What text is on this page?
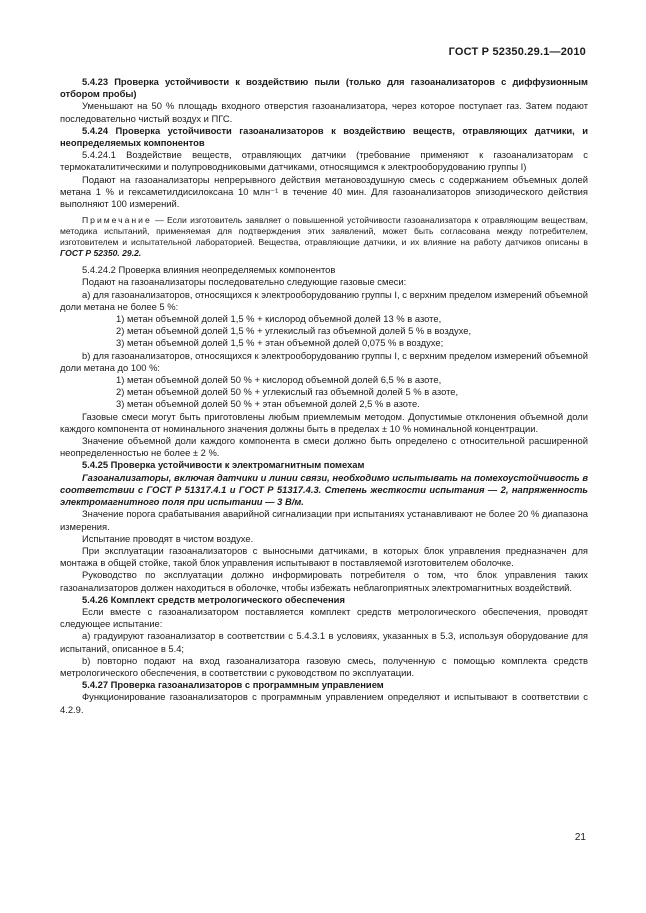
ГОСТ Р 52350.29.1—2010

5.4.23 Проверка устойчивости к воздействию пыли (только для газоанализаторов с диффузионным отбором пробы)

Уменьшают на 50 % площадь входного отверстия газоанализатора, через которое поступает газ. Затем подают последовательно чистый воздух и ПГС.

5.4.24 Проверка устойчивости газоанализаторов к воздействию веществ, отравляющих датчики, и неопределяемых компонентов

5.4.24.1 Воздействие веществ, отравляющих датчики (требование применяют к газоанализаторам с термокаталитическими и полупроводниковыми датчиками, относящимся к электрооборудованию группы I)

Подают на газоанализаторы непрерывного действия метановоздушную смесь с содержанием объемных долей метана 1 % и гексаметилдисилоксана 10 млн⁻¹ в течение 40 мин. Для газоанализаторов эпизодического действия выполняют 100 измерений.

Примечание — Если изготовитель заявляет о повышенной устойчивости газоанализатора к отравляющим веществам, методика испытаний, применяемая для подтверждения этих заявлений, может быть согласована между потребителем, изготовителем и испытательной лабораторией. Вещества, отравляющие датчики, и их влияние на работу датчиков описаны в ГОСТ Р 52350. 29.2.

5.4.24.2 Проверка влияния неопределяемых компонентов

Подают на газоанализаторы последовательно следующие газовые смеси:

а) для газоанализаторов, относящихся к электрооборудованию группы I, с верхним пределом измерений объемной доли метана не более 5 %:

1) метан объемной долей 1,5 % + кислород объемной долей 13 % в азоте,

2) метан объемной долей 1,5 % + углекислый газ объемной долей 5 % в воздухе,

3) метан объемной долей 1,5 % + этан объемной долей 0,075 % в воздухе;

b) для газоанализаторов, относящихся к электрооборудованию группы I, с верхним пределом измерений объемной доли метана до 100 %:

1) метан объемной долей 50 % + кислород объемной долей 6,5 % в азоте,

2) метан объемной долей 50 % + углекислый газ объемной долей 5 % в азоте,

3) метан объемной долей 50 % + этан объемной долей 2,5 % в азоте.

Газовые смеси могут быть приготовлены любым приемлемым методом. Допустимые отклонения объемной доли каждого компонента от номинального значения должны быть в пределах ± 10 % номинальной концентрации.

Значение объемной доли каждого компонента в смеси должно быть определено с относительной расширенной неопределенностью не более ± 2 %.

5.4.25 Проверка устойчивости к электромагнитным помехам

Газоанализаторы, включая датчики и линии связи, необходимо испытывать на помехоустойчивость в соответствии с ГОСТ Р 51317.4.1 и ГОСТ Р 51317.4.3. Степень жесткости испытания — 2, напряженность электромагнитного поля при испытании — 3 В/м.

Значение порога срабатывания аварийной сигнализации при испытаниях устанавливают не более 20 % диапазона измерения.

Испытание проводят в чистом воздухе.

При эксплуатации газоанализаторов с выносными датчиками, в которых блок управления предназначен для монтажа в общей стойке, такой блок управления испытывают в поставляемой изготовителем оболочке.

Руководство по эксплуатации должно информировать потребителя о том, что блок управления таких газоанализаторов должен находиться в оболочке, чтобы избежать неблагоприятных электромагнитных воздействий.

5.4.26 Комплект средств метрологического обеспечения

Если вместе с газоанализатором поставляется комплект средств метрологического обеспечения, проводят следующее испытание:

а) градуируют газоанализатор в соответствии с 5.4.3.1 в условиях, указанных в 5.3, используя оборудование для испытаний, описанное в 5.4;

b) повторно подают на вход газоанализатора газовую смесь, полученную с помощью комплекта средств метрологического обеспечения, в соответствии с руководством по эксплуатации.

5.4.27 Проверка газоанализаторов с программным управлением

Функционирование газоанализаторов с программным управлением определяют и испытывают в соответствии с 4.2.9.

21
